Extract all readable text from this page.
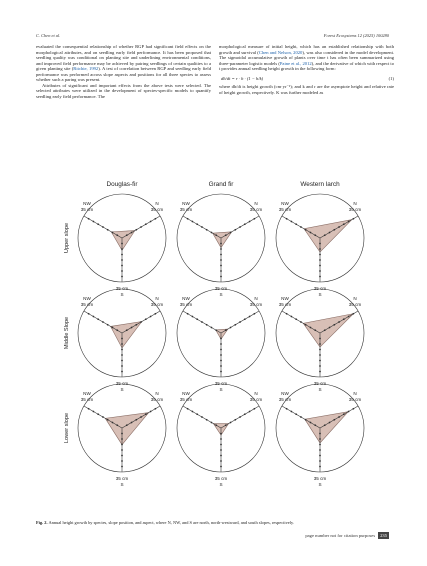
C. Chen et al.	Forest Ecosystems 12 (2025) 100280

evaluated the consequential relationship of whether RGP had significant field effects on the morphological attributes, and on seedling early field performance. It has been proposed that seedling quality was conditional on planting site and underlining environmental conditions, and improved field performance may be achieved by pairing seedlings of certain qualities to a given planting site (Ritchie, 1992). A test of correlation between RGP and seedling early field performance was performed across slope aspects and positions for all three species to assess whether such a paring was present.

Attributes of significant and important effects from the above tests were selected. The selected attributes were utilized in the development of species-specific models to quantify seedling early field performance. The

morphological measure of initial height, which has an established relationship with both growth and survival (Chen and Nelson, 2020), was also considered in the model development. The sigmoidal accumulative growth of plants over time t has often been summarized using three-parameter logistic models (Paine et al., 2012), and the derivative of which with respect to t provides annual seedling height growth in the following form:

dh/dt = r · h · (1 − h/k)	(1)

where dh/dt is height growth (cm·yr⁻¹); and k and r are the asymptote height and relative rate of height growth, respectively. K was further modeled as

Douglas-fir	Grand fir	Western larch
Upper slope
Middle Slope
Lower slope
N
35 cm
NW
35 cm
35 cm
S
N
35 cm
NW
35 cm
35 cm
S
N
35 cm
NW
35 cm
35 cm
S
N
35 cm
NW
35 cm
35 cm
S
N
35 cm
NW
35 cm
35 cm
S
N
35 cm
NW
35 cm
35 cm
S
N
35 cm
NW
35 cm
35 cm
S
N
35 cm
NW
35 cm
35 cm
S
N
35 cm
NW
35 cm
35 cm
S
Fig. 2. Annual height growth by species, slope position, and aspect, where N, NW, and S are north, north-westward, and south slopes, respectively.
page number not for citation purposes	235
